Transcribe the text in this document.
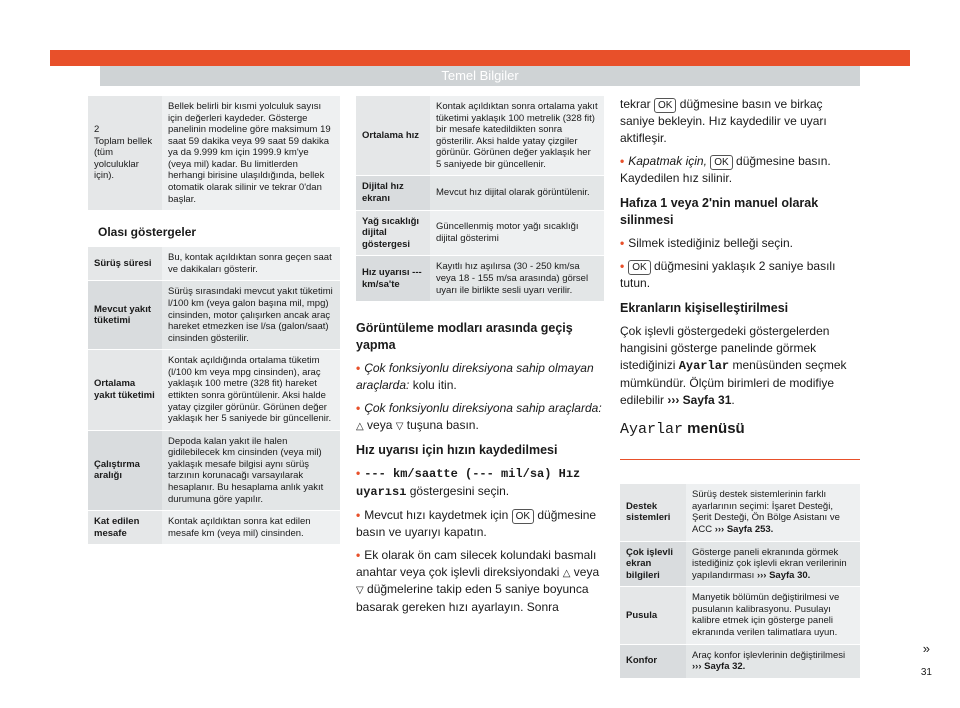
Temel Bilgiler
2
Toplam bellek (tüm yolculuklar için).	Bellek belirli bir kısmi yolculuk sayısı için değerleri kaydeder. Gösterge panelinin modeline göre maksimum 19 saat 59 dakika veya 99 saat 59 dakika ya da 9.999 km için 1999.9 km'ye (veya mil) kadar. Bu limitlerden herhangi birisine ulaşıldığında, bellek otomatik olarak silinir ve tekrar 0'dan başlar.
Olası göstergeler
Sürüş süresi	Bu, kontak açıldıktan sonra geçen saat ve dakikaları gösterir.
Mevcut yakıt tüketimi	Sürüş sırasındaki mevcut yakıt tüketimi l/100 km (veya galon başına mil, mpg) cinsinden, motor çalışırken ancak araç hareket etmezken ise l/sa (galon/saat) cinsinden gösterilir.
Ortalama yakıt tüketimi	Kontak açıldığında ortalama tüketim (l/100 km veya mpg cinsinden), araç yaklaşık 100 metre (328 fit) hareket ettikten sonra görüntülenir. Aksi halde yatay çizgiler görünür. Görünen değer yaklaşık her 5 saniyede bir güncellenir.
Çalıştırma aralığı	Depoda kalan yakıt ile halen gidilebilecek km cinsinden (veya mil) yaklaşık mesafe bilgisi aynı sürüş tarzının korunacağı varsayılarak hesaplanır. Bu hesaplama anlık yakıt durumuna göre yapılır.
Kat edilen mesafe	Kontak açıldıktan sonra kat edilen mesafe km (veya mil) cinsinden.
Ortalama hız	Kontak açıldıktan sonra ortalama yakıt tüketimi yaklaşık 100 metrelik (328 fit) bir mesafe katedildikten sonra gösterilir. Aksi halde yatay çizgiler görünür. Görünen değer yaklaşık her 5 saniyede bir güncellenir.
Dijital hız ekranı	Mevcut hız dijital olarak görüntülenir.
Yağ sıcaklığı dijital göstergesi	Güncellenmiş motor yağı sıcaklığı dijital gösterimi
Hız uyarısı --- km/sa'te	Kayıtlı hız aşılırsa (30 - 250 km/sa veya 18 - 155 m/sa arasında) görsel uyarı ile birlikte sesli uyarı verilir.
Görüntüleme modları arasında geçiş yapma
• Çok fonksiyonlu direksiyona sahip olmayan araçlarda: kolu itin.
• Çok fonksiyonlu direksiyona sahip araçlarda: △ veya ▽ tuşuna basın.
Hız uyarısı için hızın kaydedilmesi
• --- km/saatte (--- mil/sa) Hız uyarısı göstergesini seçin.
• Mevcut hızı kaydetmek için OK düğmesine basın ve uyarıyı kapatın.
• Ek olarak ön cam silecek kolundaki basmalı anahtar veya çok işlevli direksiyondaki △ veya ▽ düğmelerine takip eden 5 saniye boyunca basarak gereken hızı ayarlayın. Sonra

tekrar OK düğmesine basın ve birkaç saniye bekleyin. Hız kaydedilir ve uyarı aktifleşir.

• Kapatmak için, OK düğmesine basın. Kaydedilen hız silinir.
Hafıza 1 veya 2'nin manuel olarak silinmesi
• Silmek istediğiniz belleği seçin.
• OK düğmesini yaklaşık 2 saniye basılı tutun.
Ekranların kişiselleştirilmesi

Çok işlevli göstergedeki göstergelerden hangisini gösterge panelinde görmek istediğinizi Ayarlar menüsünden seçmek mümkündür. Ölçüm birimleri de modifiye edilebilir ››› Sayfa 31.

Ayarlar menüsü
Destek sistemleri	Sürüş destek sistemlerinin farklı ayarlarının seçimi: İşaret Desteği, Şerit Desteği, Ön Bölge Asistanı ve ACC ››› Sayfa 253.
Çok işlevli ekran bilgileri	Gösterge paneli ekranında görmek istediğiniz çok işlevli ekran verilerinin yapılandırması ››› Sayfa 30.
Pusula	Manyetik bölümün değiştirilmesi ve pusulanın kalibrasyonu. Pusulayı kalibre etmek için gösterge paneli ekranında verilen talimatlara uyun.
Konfor	Araç konfor işlevlerinin değiştirilmesi ››› Sayfa 32.
»
31
